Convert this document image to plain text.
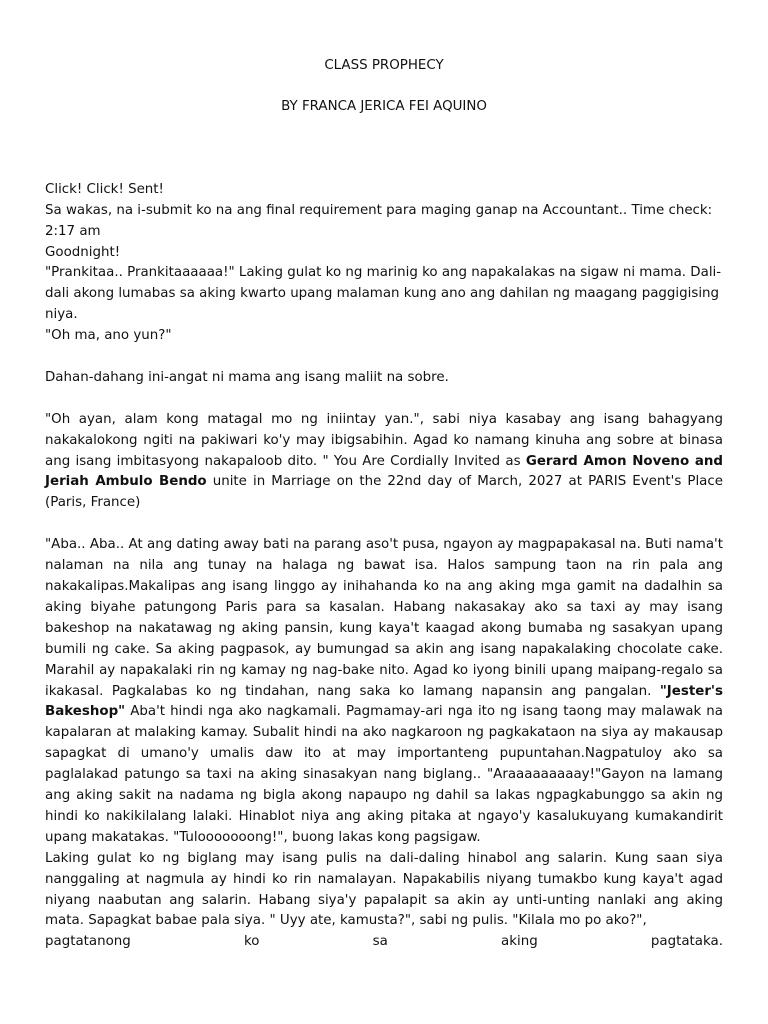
CLASS PROPHECY

BY FRANCA JERICA FEI AQUINO

Click! Click! Sent!

Sa wakas, na i-submit ko na ang final requirement para maging ganap na Accountant.. Time check: 2:17 am

Goodnight!

"Prankitaa.. Prankitaaaaaa!" Laking gulat ko ng marinig ko ang napakalakas na sigaw ni mama. Dali-dali akong lumabas sa aking kwarto upang malaman kung ano ang dahilan ng maagang paggigising niya.

"Oh ma, ano yun?"

Dahan-dahang ini-angat ni mama ang isang maliit na sobre.

"Oh ayan, alam kong matagal mo ng iniintay yan.", sabi niya kasabay ang isang bahagyang nakakalokong ngiti na pakiwari ko'y may ibigsabihin. Agad ko namang kinuha ang sobre at binasa ang isang imbitasyong nakapaloob dito. " You Are Cordially Invited as Gerard Amon Noveno and Jeriah Ambulo Bendo unite in Marriage on the 22nd day of March, 2027 at PARIS Event's Place (Paris, France)

"Aba.. Aba.. At ang dating away bati na parang aso't pusa, ngayon ay magpapakasal na. Buti nama't nalaman na nila ang tunay na halaga ng bawat isa. Halos sampung taon na rin pala ang nakakalipas.Makalipas ang isang linggo ay inihahanda ko na ang aking mga gamit na dadalhin sa aking biyahe patungong Paris para sa kasalan. Habang nakasakay ako sa taxi ay may isang bakeshop na nakatawag ng aking pansin, kung kaya't kaagad akong bumaba ng sasakyan upang bumili ng cake. Sa aking pagpasok, ay bumungad sa akin ang isang napakalaking chocolate cake. Marahil ay napakalaki rin ng kamay ng nag-bake nito. Agad ko iyong binili upang maipang-regalo sa ikakasal. Pagkalabas ko ng tindahan, nang saka ko lamang napansin ang pangalan. "Jester's Bakeshop" Aba't hindi nga ako nagkamali. Pagmamay-ari nga ito ng isang taong may malawak na kapalaran at malaking kamay. Subalit hindi na ako nagkaroon ng pagkakataon na siya ay makausap sapagkat di umano'y umalis daw ito at may importanteng pupuntahan.Nagpatuloy ako sa paglalakad patungo sa taxi na aking sinasakyan nang biglang.. "Araaaaaaaaay!"Gayon na lamang ang aking sakit na nadama ng bigla akong napaupo ng dahil sa lakas ngpagkabunggo sa akin ng hindi ko nakikilalang lalaki. Hinablot niya ang aking pitaka at ngayo'y kasalukuyang kumakandirit upang makatakas. "Tulooooooong!", buong lakas kong pagsigaw.

Laking gulat ko ng biglang may isang pulis na dali-daling hinabol ang salarin. Kung saan siya nanggaling at nagmula ay hindi ko rin namalayan. Napakabilis niyang tumakbo kung kaya't agad niyang naabutan ang salarin. Habang siya'y papalapit sa akin ay unti-unting nanlaki ang aking mata. Sapagkat babae pala siya. " Uyy ate, kamusta?", sabi ng pulis. "Kilala mo po ako?",

pagtatanong ko sa aking pagtataka.
